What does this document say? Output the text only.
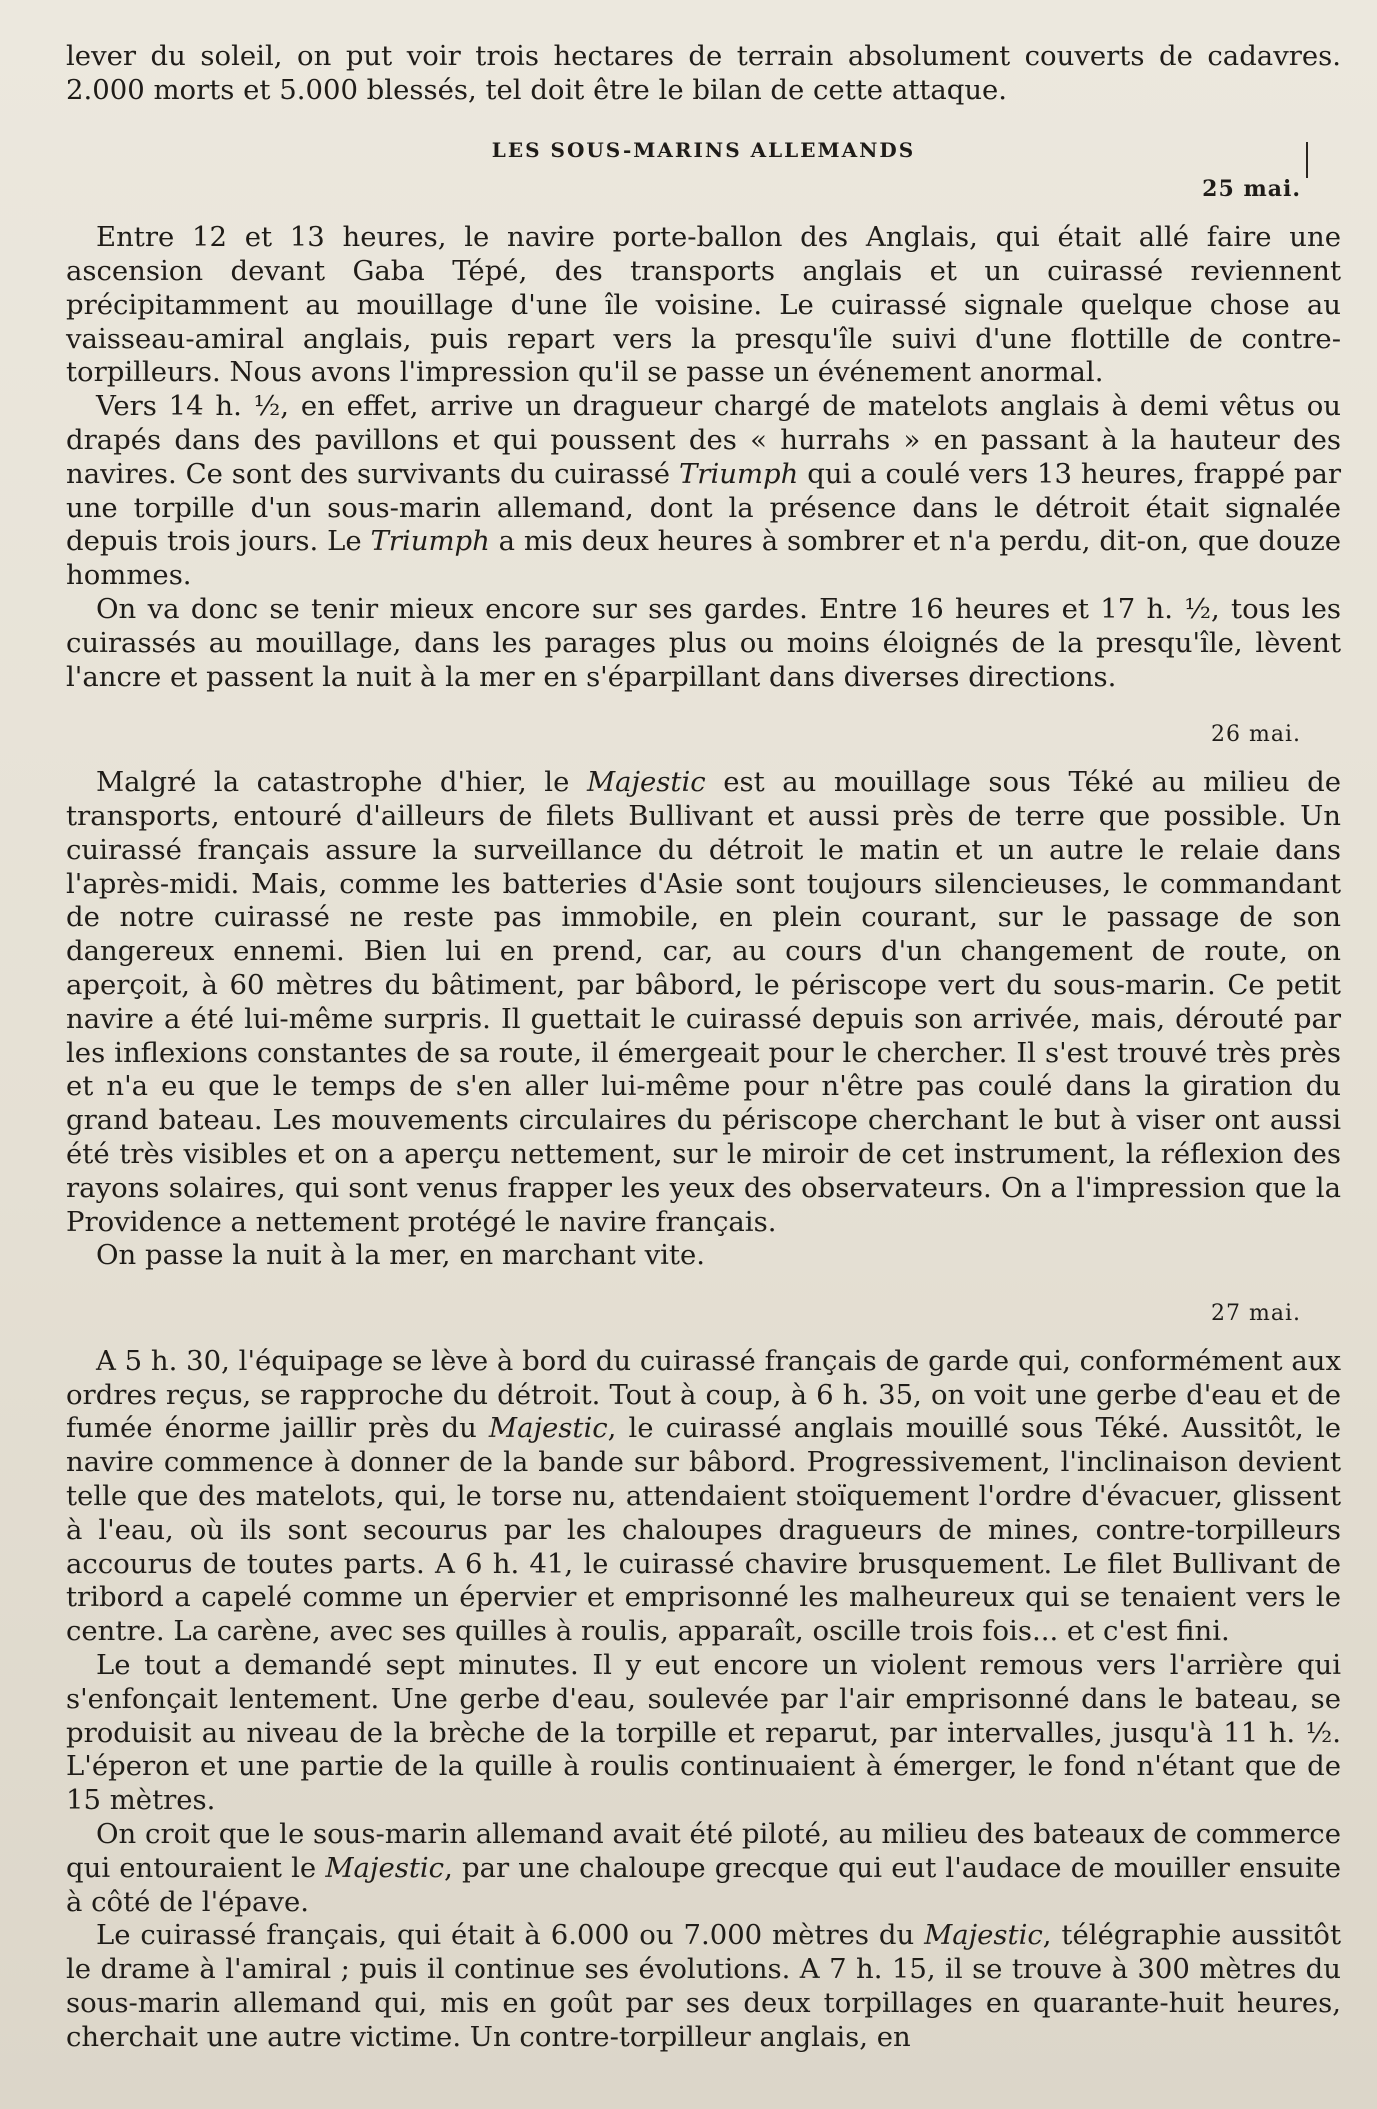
lever du soleil, on put voir trois hectares de terrain absolument couverts de cadavres. 2.000 morts et 5.000 blessés, tel doit être le bilan de cette attaque.

LES SOUS-MARINS ALLEMANDS
25 mai.

Entre 12 et 13 heures, le navire porte-ballon des Anglais, qui était allé faire une ascension devant Gaba Tépé, des transports anglais et un cuirassé reviennent précipitamment au mouillage d'une île voisine. Le cuirassé signale quelque chose au vaisseau-amiral anglais, puis repart vers la presqu'île suivi d'une flottille de contre-torpilleurs. Nous avons l'impression qu'il se passe un événement anormal.

Vers 14 h. ½, en effet, arrive un dragueur chargé de matelots anglais à demi vêtus ou drapés dans des pavillons et qui poussent des « hurrahs » en passant à la hauteur des navires. Ce sont des survivants du cuirassé Triumph qui a coulé vers 13 heures, frappé par une torpille d'un sous-marin allemand, dont la présence dans le détroit était signalée depuis trois jours. Le Triumph a mis deux heures à sombrer et n'a perdu, dit-on, que douze hommes.

On va donc se tenir mieux encore sur ses gardes. Entre 16 heures et 17 h. ½, tous les cuirassés au mouillage, dans les parages plus ou moins éloignés de la presqu'île, lèvent l'ancre et passent la nuit à la mer en s'éparpillant dans diverses directions.

26 mai.

Malgré la catastrophe d'hier, le Majestic est au mouillage sous Téké au milieu de transports, entouré d'ailleurs de filets Bullivant et aussi près de terre que possible. Un cuirassé français assure la surveillance du détroit le matin et un autre le relaie dans l'après-midi. Mais, comme les batteries d'Asie sont toujours silencieuses, le commandant de notre cuirassé ne reste pas immobile, en plein courant, sur le passage de son dangereux ennemi. Bien lui en prend, car, au cours d'un changement de route, on aperçoit, à 60 mètres du bâtiment, par bâbord, le périscope vert du sous-marin. Ce petit navire a été lui-même surpris. Il guettait le cuirassé depuis son arrivée, mais, dérouté par les inflexions constantes de sa route, il émergeait pour le chercher. Il s'est trouvé très près et n'a eu que le temps de s'en aller lui-même pour n'être pas coulé dans la giration du grand bateau. Les mouvements circulaires du périscope cherchant le but à viser ont aussi été très visibles et on a aperçu nettement, sur le miroir de cet instrument, la réflexion des rayons solaires, qui sont venus frapper les yeux des observateurs. On a l'impression que la Providence a nettement protégé le navire français.

On passe la nuit à la mer, en marchant vite.

27 mai.

A 5 h. 30, l'équipage se lève à bord du cuirassé français de garde qui, conformément aux ordres reçus, se rapproche du détroit. Tout à coup, à 6 h. 35, on voit une gerbe d'eau et de fumée énorme jaillir près du Majestic, le cuirassé anglais mouillé sous Téké. Aussitôt, le navire commence à donner de la bande sur bâbord. Progressivement, l'inclinaison devient telle que des matelots, qui, le torse nu, attendaient stoïquement l'ordre d'évacuer, glissent à l'eau, où ils sont secourus par les chaloupes dragueurs de mines, contre-torpilleurs accourus de toutes parts. A 6 h. 41, le cuirassé chavire brusquement. Le filet Bullivant de tribord a capelé comme un épervier et emprisonné les malheureux qui se tenaient vers le centre. La carène, avec ses quilles à roulis, apparaît, oscille trois fois... et c'est fini.

Le tout a demandé sept minutes. Il y eut encore un violent remous vers l'arrière qui s'enfonçait lentement. Une gerbe d'eau, soulevée par l'air emprisonné dans le bateau, se produisit au niveau de la brèche de la torpille et reparut, par intervalles, jusqu'à 11 h. ½. L'éperon et une partie de la quille à roulis continuaient à émerger, le fond n'étant que de 15 mètres.

On croit que le sous-marin allemand avait été piloté, au milieu des bateaux de commerce qui entouraient le Majestic, par une chaloupe grecque qui eut l'audace de mouiller ensuite à côté de l'épave.

Le cuirassé français, qui était à 6.000 ou 7.000 mètres du Majestic, télégraphie aussitôt le drame à l'amiral ; puis il continue ses évolutions. A 7 h. 15, il se trouve à 300 mètres du sous-marin allemand qui, mis en goût par ses deux torpillages en quarante-huit heures, cherchait une autre victime. Un contre-torpilleur anglais, en
